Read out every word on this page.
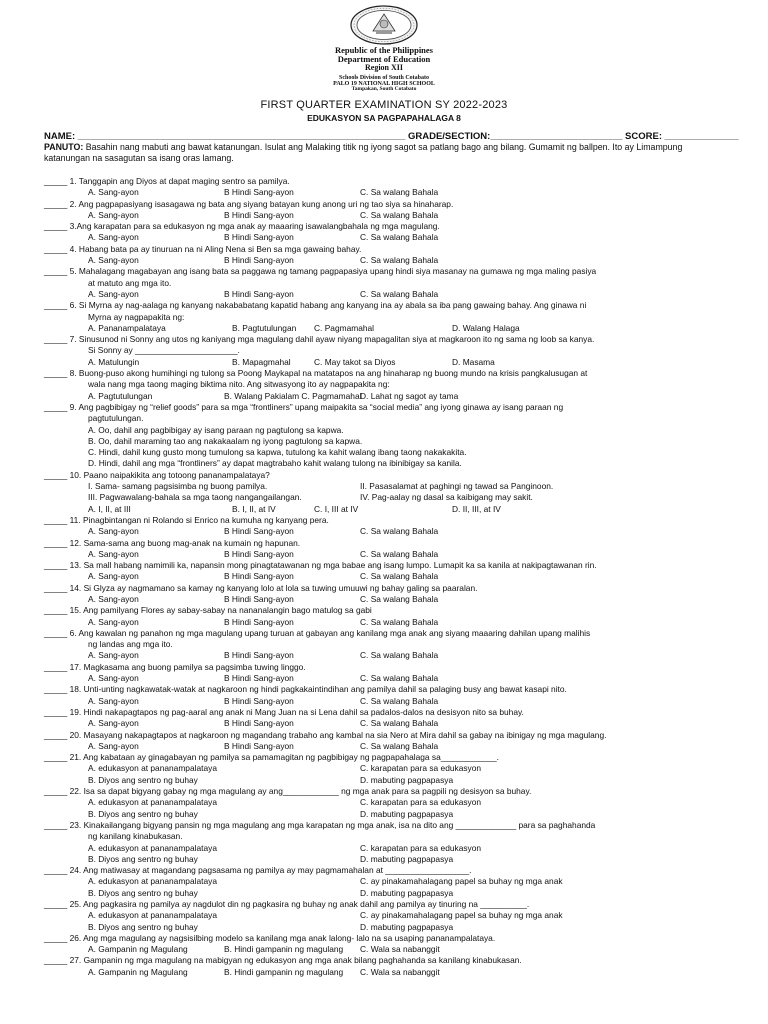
Republic of the Philippines
Department of Education
Region XII
Schools Division of South Cotabato
PALO 19 NATIONAL HIGH SCHOOL
Tampakan, South Cotabato
FIRST QUARTER EXAMINATION SY 2022-2023
EDUKASYON SA PAGPAPAHALAGA 8
NAME: ______________________________________________________________ GRADE/SECTION:_________________________ SCORE: ______________
PANUTO: Basahin nang mabuti ang bawat katanungan. Isulat ang Malaking titik ng iyong sagot sa patlang bago ang bilang. Gumamit ng ballpen. Ito ay Limampung
katanungan na sasagutan sa isang oras lamang.
_____ 1. Tanggapin ang Diyos at dapat maging sentro sa pamilya.
A. Sang-ayon	B Hindi Sang-ayon	C. Sa walang Bahala
_____ 2. Ang pagpapasiyang isasagawa ng bata ang siyang batayan kung anong uri ng tao siya sa hinaharap.
A. Sang-ayon	B Hindi Sang-ayon	C. Sa walang Bahala
_____ 3.Ang karapatan para sa edukasyon ng mga anak ay maaaring isawalangbahala ng mga magulang.
A. Sang-ayon	B Hindi Sang-ayon	C. Sa walang Bahala
_____ 4. Habang bata pa ay tinuruan na ni Aling Nena si Ben sa mga gawaing bahay.
A. Sang-ayon	B Hindi Sang-ayon	C. Sa walang Bahala
_____ 5. Mahalagang magabayan ang isang bata sa paggawa ng tamang pagpapasiya upang hindi siya masanay na gumawa ng mga maling pasiya
at matuto ang mga ito.
A. Sang-ayon	B Hindi Sang-ayon	C. Sa walang Bahala
_____ 6. Si Myrna ay nag-aalaga ng kanyang nakababatang kapatid habang ang kanyang ina ay abala sa iba pang gawaing bahay. Ang ginawa ni
Myrna ay nagpapakita ng:
A. Pananampalataya	B. Pagtutulungan C. Pagmamahal	D. Walang Halaga
_____ 7. Sinusunod ni Sonny ang utos ng kaniyang mga magulang dahil ayaw niyang mapagalitan siya at magkaroon ito ng sama ng loob sa kanya.
Si Sonny ay ______________________.
A. Matulungin	B. Mapagmahal	C. May takot sa Diyos	D. Masama
_____ 8. Buong-puso akong humihingi ng tulong sa Poong Maykapal na matatapos na ang hinaharap ng buong mundo na krisis pangkalusugan at
wala nang mga taong maging biktima nito. Ang sitwasyong ito ay nagpapakita ng:
A. Pagtutulungan	B. Walang Pakialam C. Pagmamahal
D. Lahat ng sagot ay tama
_____ 9. Ang pagbibigay ng “relief goods” para sa mga “frontliners” upang maipakita sa “social media” ang iyong ginawa ay isang paraan ng
pagtutulungan.
A. Oo, dahil ang pagbibigay ay isang paraan ng pagtulong sa kapwa.
B. Oo, dahil maraming tao ang nakakaalam ng iyong pagtulong sa kapwa.
C. Hindi, dahil kung gusto mong tumulong sa kapwa, tutulong ka kahit walang ibang taong nakakakita.
D. Hindi, dahil ang mga “frontliners” ay dapat magtrabaho kahit walang tulong na ibinibigay sa kanila.
_____ 10. Paano naipakikita ang totoong pananampalataya?
I. Sama- samang pagsisimba ng buong pamilya.	II. Pasasalamat at paghingi ng tawad sa Panginoon.
III. Pagwawalang-bahala sa mga taong nangangailangan.	IV. Pag-aalay ng dasal sa kaibigang may sakit.
A. I, II, at III	B. I, II, at IV	C. I, III at IV	D. II, III, at IV
_____ 11. Pinagbintangan ni Rolando si Enrico na kumuha ng kanyang pera.
A. Sang-ayon	B Hindi Sang-ayon	C. Sa walang Bahala
_____ 12. Sama-sama ang buong mag-anak na kumain ng hapunan.
A. Sang-ayon	B Hindi Sang-ayon	C. Sa walang Bahala
_____ 13. Sa mall habang namimili ka, napansin mong pinagtatawanan ng mga babae ang isang lumpo. Lumapit ka sa kanila at nakipagtawanan rin.
A. Sang-ayon	B Hindi Sang-ayon	C. Sa walang Bahala
_____ 14. Si Glyza ay nagmamano sa kamay ng kanyang lolo at lola sa tuwing umuuwi ng bahay galing sa paaralan.
A. Sang-ayon	B Hindi Sang-ayon	C. Sa walang Bahala
_____ 15. Ang pamilyang Flores ay sabay-sabay na nananalangin bago matulog sa gabi
A. Sang-ayon	B Hindi Sang-ayon	C. Sa walang Bahala
_____ 6. Ang kawalan ng panahon ng mga magulang upang turuan at gabayan ang kanilang mga anak ang siyang maaaring dahilan upang malihis
ng landas ang mga ito.
A. Sang-ayon	B Hindi Sang-ayon	C. Sa walang Bahala
_____ 17. Magkasama ang buong pamilya sa pagsimba tuwing linggo.
A. Sang-ayon	B Hindi Sang-ayon	C. Sa walang Bahala
_____ 18. Unti-unting nagkawatak-watak at nagkaroon ng hindi pagkakaintindihan ang pamilya dahil sa palaging busy ang bawat kasapi nito.
A. Sang-ayon	B Hindi Sang-ayon	C. Sa walang Bahala
_____ 19. Hindi nakapagtapos ng pag-aaral ang anak ni Mang Juan na si Lena dahil sa padalos-dalos na desisyon nito sa buhay.
A. Sang-ayon	B Hindi Sang-ayon	C. Sa walang Bahala
_____ 20. Masayang nakapagtapos at nagkaroon ng magandang trabaho ang kambal na sia Nero at Mira dahil sa gabay na ibinigay ng mga magulang.
A. Sang-ayon	B Hindi Sang-ayon	C. Sa walang Bahala
_____ 21. Ang kabataan ay ginagabayan ng pamilya sa pamamagitan ng pagbibigay ng pagpapahalaga sa____________.
A. edukasyon at pananampalataya	C. karapatan para sa edukasyon
B. Diyos ang sentro ng buhay	D. mabuting pagpapasya
_____ 22. Isa sa dapat bigyang gabay ng mga magulang ay ang____________ ng mga anak para sa pagpili ng desisyon sa buhay.
A. edukasyon at pananampalataya	C. karapatan para sa edukasyon
B. Diyos ang sentro ng buhay	D. mabuting pagpapasya
_____ 23. Kinakailangang bigyang pansin ng mga magulang ang mga karapatan ng mga anak, isa na dito ang _____________ para sa paghahanda
ng kanilang kinabukasan.
A. edukasyon at pananampalataya	C. karapatan para sa edukasyon
B. Diyos ang sentro ng buhay	D. mabuting pagpapasya
_____ 24. Ang matiwasay at magandang pagsasama ng pamilya ay may pagmamahalan at __________________.
A. edukasyon at pananampalataya	C. ay pinakamahalagang papel sa buhay ng mga anak
B. Diyos ang sentro ng buhay	D. mabuting pagpapasya
_____ 25. Ang pagkasira ng pamilya ay nagdulot din ng pagkasira ng buhay ng anak dahil ang pamilya ay tinuring na __________.
A. edukasyon at pananampalataya	C. ay pinakamahalagang papel sa buhay ng mga anak
B. Diyos ang sentro ng buhay	D. mabuting pagpapasya
_____ 26. Ang mga magulang ay nagsisilbing modelo sa kanilang mga anak lalong- lalo na sa usaping pananampalataya.
A. Gampanin ng Magulang	B. Hindi gampanin ng magulang C. Wala sa nabanggit
_____ 27. Gampanin ng mga magulang na mabigyan ng edukasyon ang mga anak bilang paghahanda sa kanilang kinabukasan.
A. Gampanin ng Magulang	B. Hindi gampanin ng magulang C. Wala sa nabanggit
